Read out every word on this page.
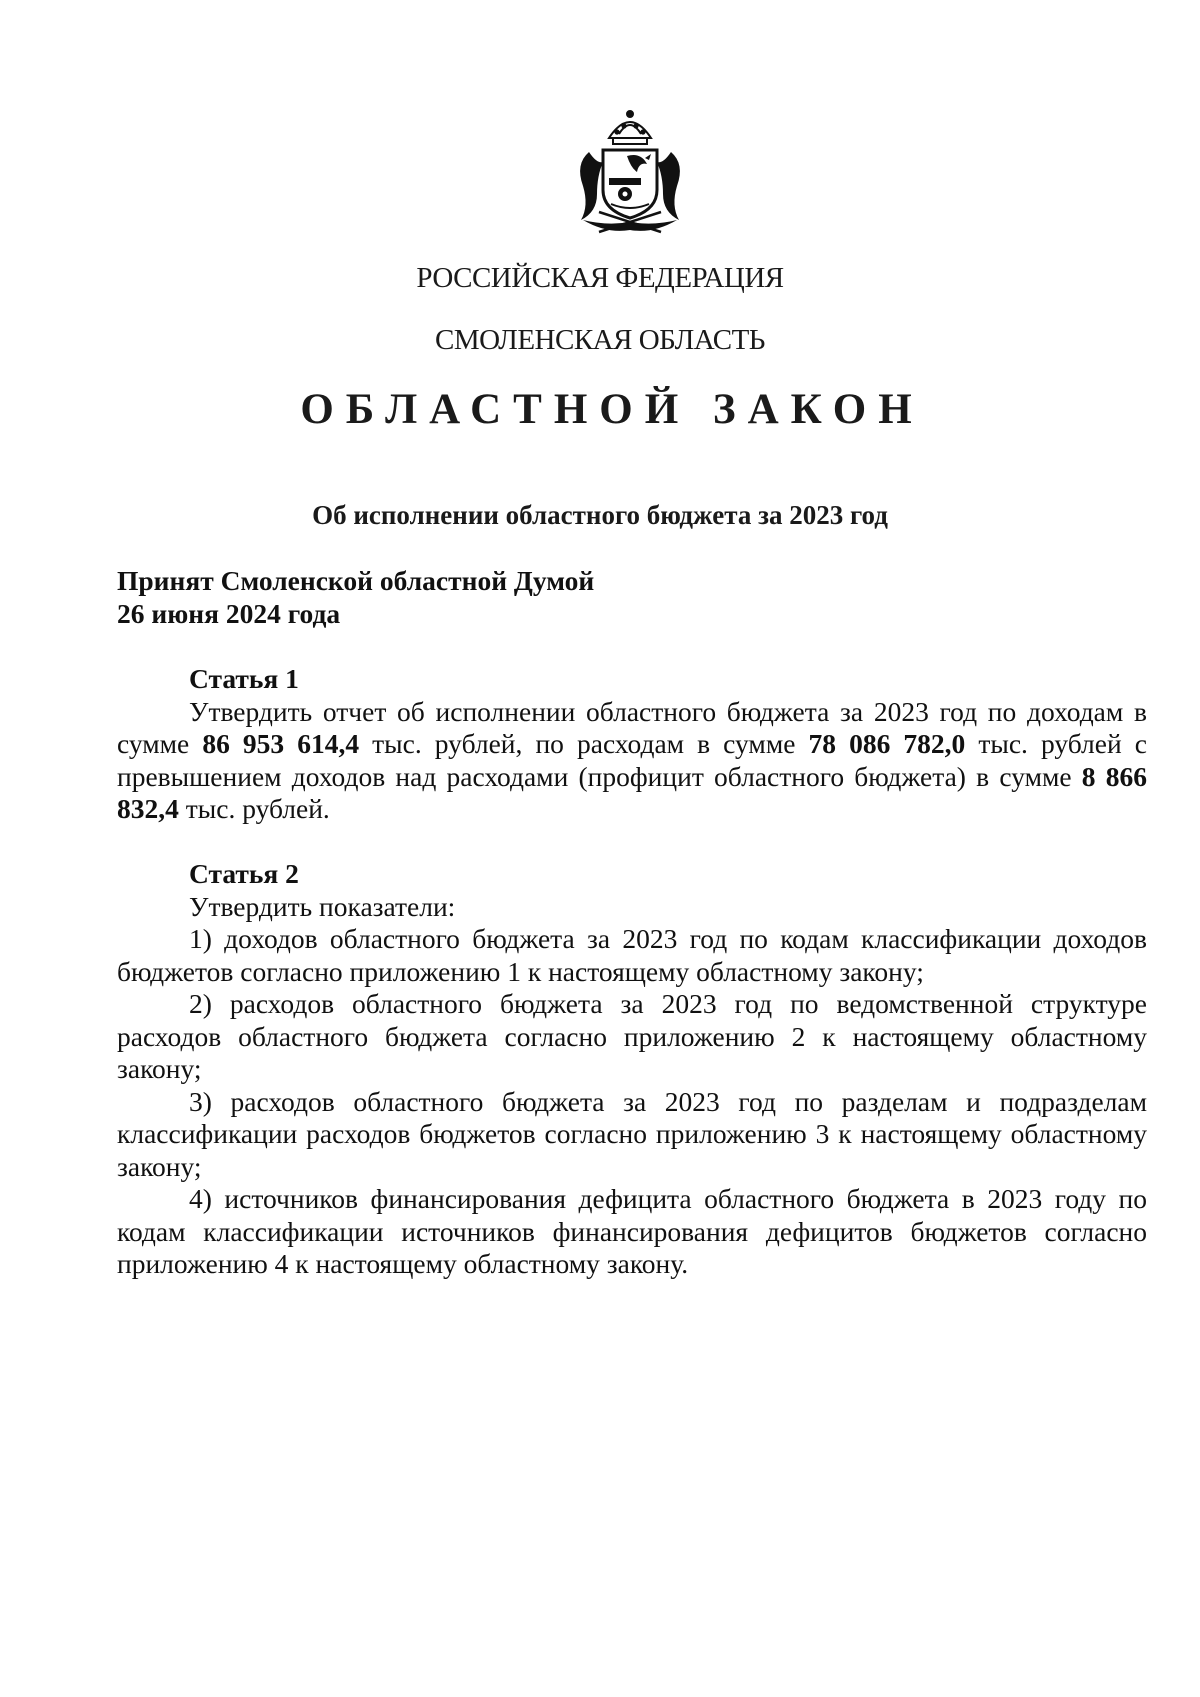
РОССИЙСКАЯ ФЕДЕРАЦИЯ
СМОЛЕНСКАЯ ОБЛАСТЬ
ОБЛАСТНОЙ ЗАКОН
Об исполнении областного бюджета за 2023 год
Принят Смоленской областной Думой
26 июня 2024 года
Статья 1
Утвердить отчет об исполнении областного бюджета за 2023 год по доходам в сумме 86 953 614,4 тыс. рублей, по расходам в сумме 78 086 782,0 тыс. рублей с превышением доходов над расходами (профицит областного бюджета) в сумме 8 866 832,4 тыс. рублей.
Статья 2
Утвердить показатели:
1) доходов областного бюджета за 2023 год по кодам классификации доходов бюджетов согласно приложению 1 к настоящему областному закону;
2) расходов областного бюджета за 2023 год по ведомственной структуре расходов областного бюджета согласно приложению 2 к настоящему областному закону;
3) расходов областного бюджета за 2023 год по разделам и подразделам классификации расходов бюджетов согласно приложению 3 к настоящему областному закону;
4) источников финансирования дефицита областного бюджета в 2023 году по кодам классификации источников финансирования дефицитов бюджетов согласно приложению 4 к настоящему областному закону.
